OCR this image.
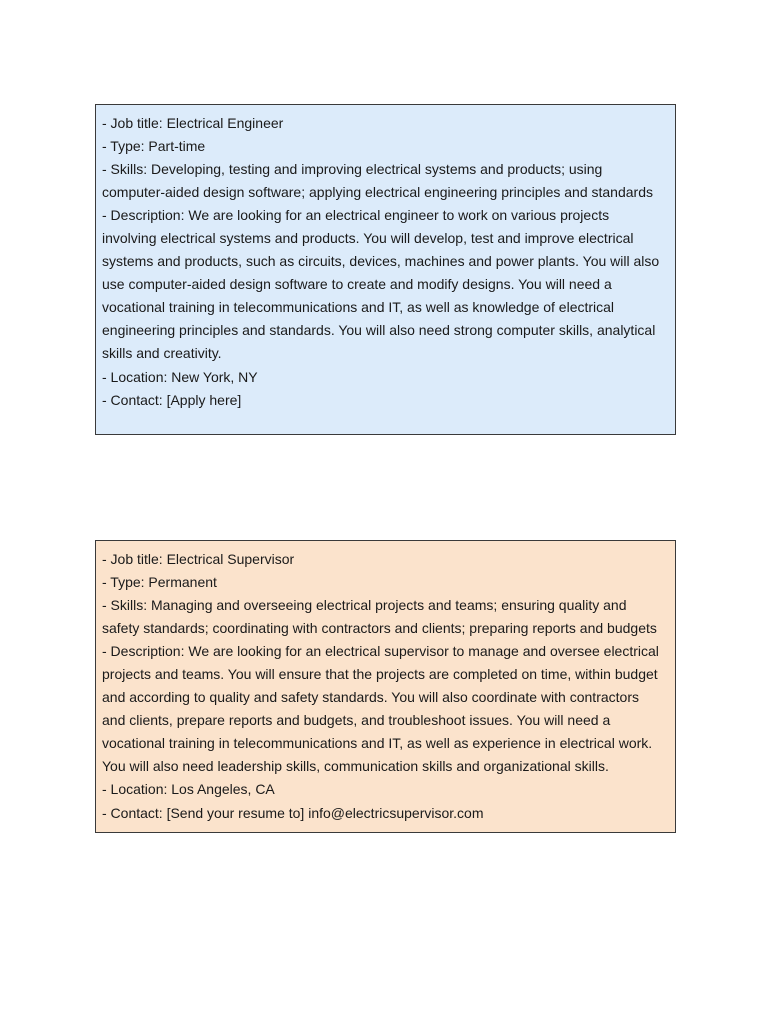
- Job title: Electrical Engineer

- Type: Part-time

- Skills: Developing, testing and improving electrical systems and products; using

computer-aided design software; applying electrical engineering principles and standards

- Description: We are looking for an electrical engineer to work on various projects

involving electrical systems and products. You will develop, test and improve electrical

systems and products, such as circuits, devices, machines and power plants. You will also

use computer-aided design software to create and modify designs. You will need a

vocational training in telecommunications and IT, as well as knowledge of electrical

engineering principles and standards. You will also need strong computer skills, analytical

skills and creativity.

- Location: New York, NY

- Contact: [Apply here]

- Job title: Electrical Supervisor

- Type: Permanent

- Skills: Managing and overseeing electrical projects and teams; ensuring quality and

safety standards; coordinating with contractors and clients; preparing reports and budgets

- Description: We are looking for an electrical supervisor to manage and oversee electrical

projects and teams. You will ensure that the projects are completed on time, within budget

and according to quality and safety standards. You will also coordinate with contractors

and clients, prepare reports and budgets, and troubleshoot issues. You will need a

vocational training in telecommunications and IT, as well as experience in electrical work.

You will also need leadership skills, communication skills and organizational skills.

- Location: Los Angeles, CA

- Contact: [Send your resume to] info@electricsupervisor.com
